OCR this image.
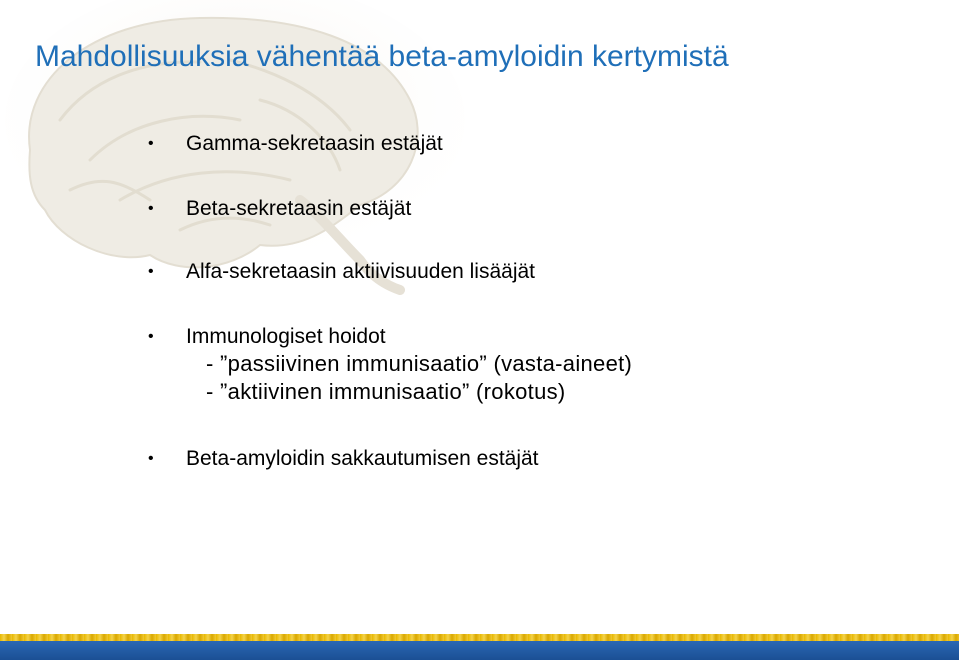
Mahdollisuuksia vähentää beta-amyloidin kertymistä
• Gamma-sekretaasin estäjät
• Beta-sekretaasin estäjät
• Alfa-sekretaasin aktiivisuuden lisääjät
• Immunologiset hoidot
- ”passiivinen immunisaatio” (vasta-aineet)
- ”aktiivinen immunisaatio” (rokotus)
• Beta-amyloidin sakkautumisen estäjät
